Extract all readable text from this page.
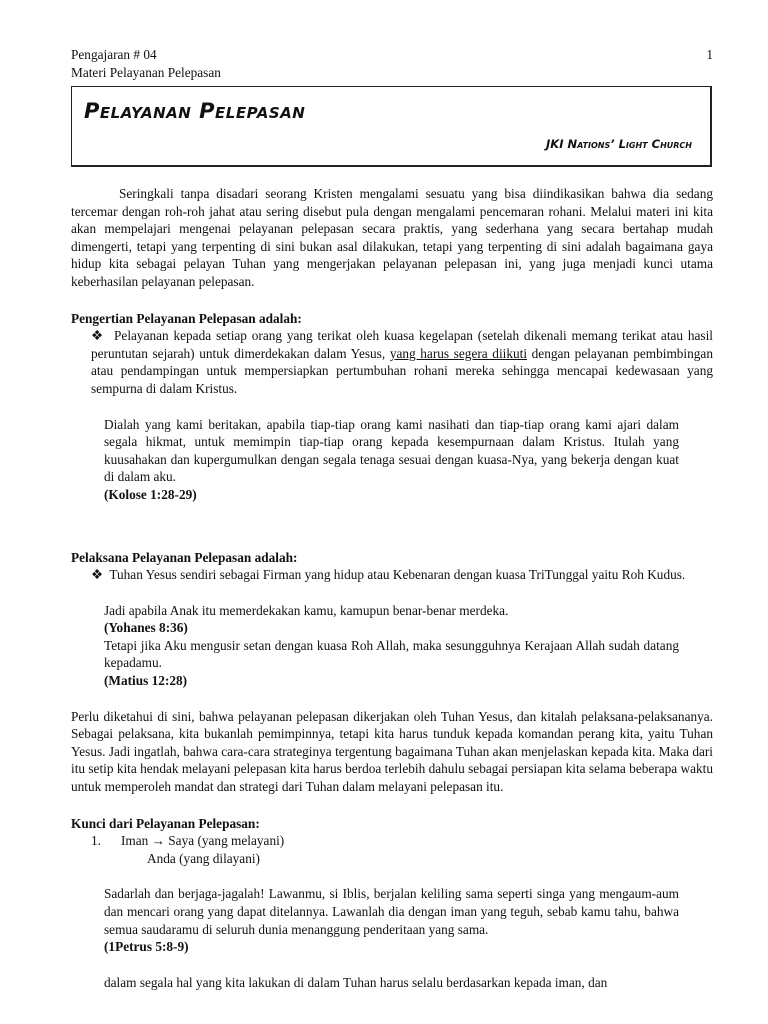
Pengajaran # 04
Materi Pelayanan Pelepasan
1
Pelayanan Pelepasan
JKI Nations’ Light Church

Seringkali tanpa disadari seorang Kristen mengalami sesuatu yang bisa diindikasikan bahwa dia sedang tercemar dengan roh-roh jahat atau sering disebut pula dengan mengalami pencemaran rohani. Melalui materi ini kita akan mempelajari mengenai pelayanan pelepasan secara praktis, yang sederhana yang secara bertahap mudah dimengerti, tetapi yang terpenting di sini bukan asal dilakukan, tetapi yang terpenting di sini adalah bagaimana gaya hidup kita sebagai pelayan Tuhan yang mengerjakan pelayanan pelepasan ini, yang juga menjadi kunci utama keberhasilan pelayanan pelepasan.

Pengertian Pelayanan Pelepasan adalah:

❖ Pelayanan kepada setiap orang yang terikat oleh kuasa kegelapan (setelah dikenali memang terikat atau hasil peruntutan sejarah) untuk dimerdekakan dalam Yesus, yang harus segera diikuti dengan pelayanan pembimbingan atau pendampingan untuk mempersiapkan pertumbuhan rohani mereka sehingga mencapai kedewasaan yang sempurna di dalam Kristus.

Dialah yang kami beritakan, apabila tiap-tiap orang kami nasihati dan tiap-tiap orang kami ajari dalam segala hikmat, untuk memimpin tiap-tiap orang kepada kesempurnaan dalam Kristus. Itulah yang kuusahakan dan kupergumulkan dengan segala tenaga sesuai dengan kuasa-Nya, yang bekerja dengan kuat di dalam aku.

(Kolose 1:28-29)

Pelaksana Pelayanan Pelepasan adalah:

❖ Tuhan Yesus sendiri sebagai Firman yang hidup atau Kebenaran dengan kuasa TriTunggal yaitu Roh Kudus.

Jadi apabila Anak itu memerdekakan kamu, kamupun benar-benar merdeka.

(Yohanes 8:36)

Tetapi jika Aku mengusir setan dengan kuasa Roh Allah, maka sesungguhnya Kerajaan Allah sudah datang kepadamu.

(Matius 12:28)

Perlu diketahui di sini, bahwa pelayanan pelepasan dikerjakan oleh Tuhan Yesus, dan kitalah pelaksana-pelaksananya. Sebagai pelaksana, kita bukanlah pemimpinnya, tetapi kita harus tunduk kepada komandan perang kita, yaitu Tuhan Yesus. Jadi ingatlah, bahwa cara-cara strateginya tergentung bagaimana Tuhan akan menjelaskan kepada kita. Maka dari itu setip kita hendak melayani pelepasan kita harus berdoa terlebih dahulu sebagai persiapan kita selama beberapa waktu untuk memperoleh mandat dan strategi dari Tuhan dalam melayani pelepasan itu.

Kunci dari Pelayanan Pelepasan:

1. Iman → Saya (yang melayani)
Anda (yang dilayani)

Sadarlah dan berjaga-jagalah! Lawanmu, si Iblis, berjalan keliling sama seperti singa yang mengaum-aum dan mencari orang yang dapat ditelannya. Lawanlah dia dengan iman yang teguh, sebab kamu tahu, bahwa semua saudaramu di seluruh dunia menanggung penderitaan yang sama.

(1Petrus 5:8-9)

dalam segala hal yang kita lakukan di dalam Tuhan harus selalu berdasarkan kepada iman, dan
